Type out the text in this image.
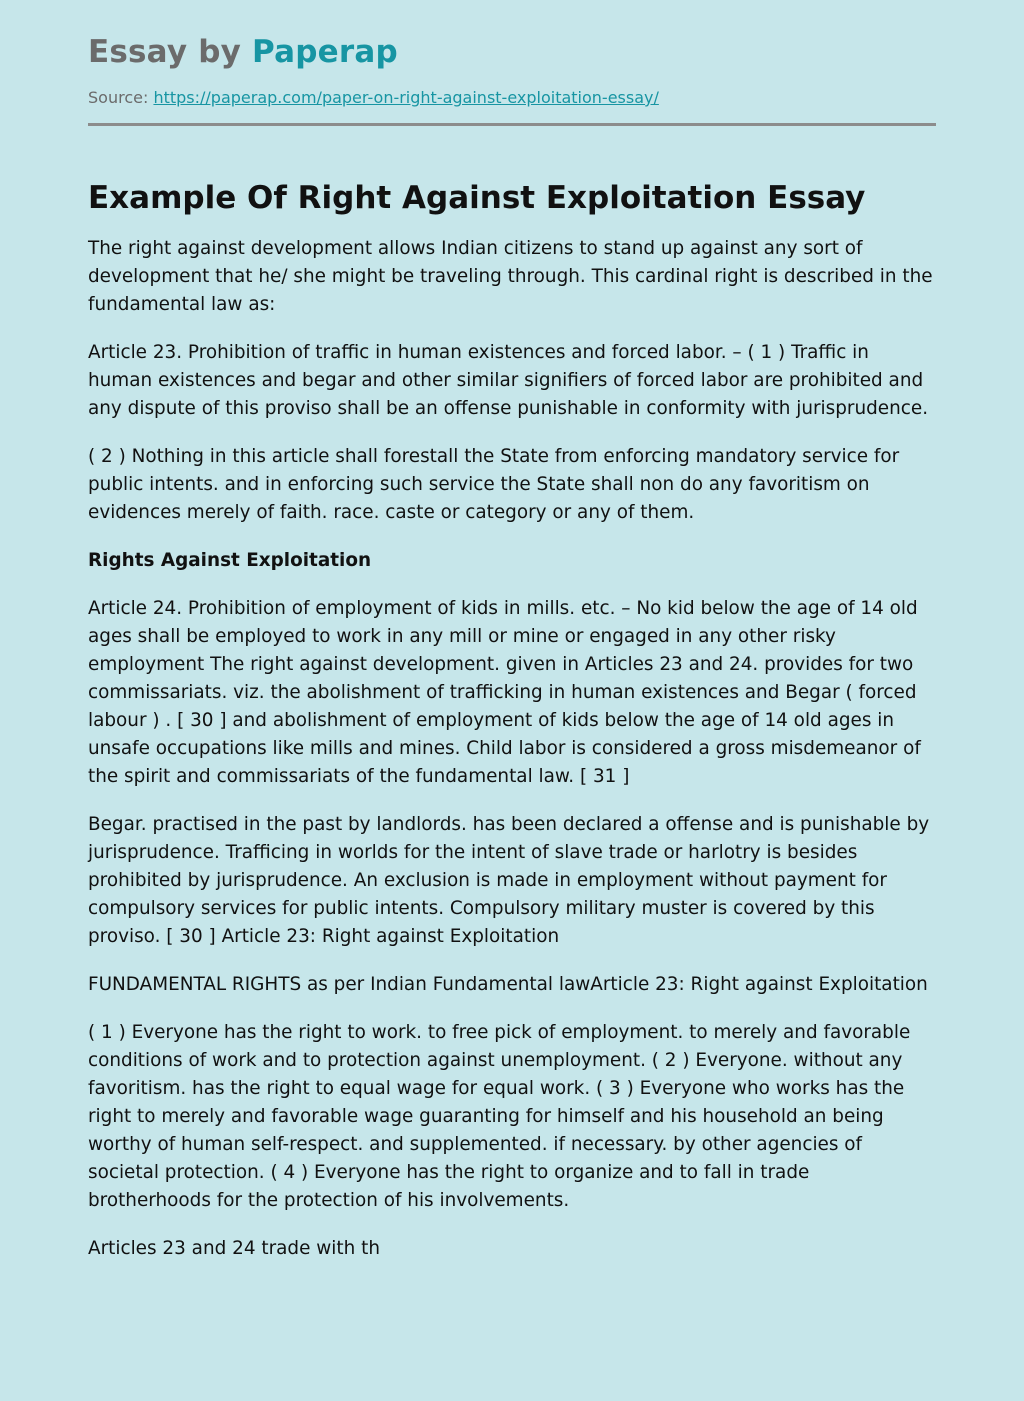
Essay by Paperap
Source: https://paperap.com/paper-on-right-against-exploitation-essay/
Example Of Right Against Exploitation Essay

The right against development allows Indian citizens to stand up against any sort of development that he/ she might be traveling through. This cardinal right is described in the fundamental law as:

Article 23. Prohibition of traffic in human existences and forced labor. – ( 1 ) Traffic in human existences and begar and other similar signifiers of forced labor are prohibited and any dispute of this proviso shall be an offense punishable in conformity with jurisprudence.

( 2 ) Nothing in this article shall forestall the State from enforcing mandatory service for public intents. and in enforcing such service the State shall non do any favoritism on evidences merely of faith. race. caste or category or any of them.

Rights Against Exploitation

Article 24. Prohibition of employment of kids in mills. etc. – No kid below the age of 14 old ages shall be employed to work in any mill or mine or engaged in any other risky employment The right against development. given in Articles 23 and 24. provides for two commissariats. viz. the abolishment of trafficking in human existences and Begar ( forced labour ) . [ 30 ] and abolishment of employment of kids below the age of 14 old ages in unsafe occupations like mills and mines. Child labor is considered a gross misdemeanor of the spirit and commissariats of the fundamental law. [ 31 ]

Begar. practised in the past by landlords. has been declared a offense and is punishable by jurisprudence. Trafficing in worlds for the intent of slave trade or harlotry is besides prohibited by jurisprudence. An exclusion is made in employment without payment for compulsory services for public intents. Compulsory military muster is covered by this proviso. [ 30 ] Article 23: Right against Exploitation

FUNDAMENTAL RIGHTS as per Indian Fundamental lawArticle 23: Right against Exploitation

( 1 ) Everyone has the right to work. to free pick of employment. to merely and favorable conditions of work and to protection against unemployment. ( 2 ) Everyone. without any favoritism. has the right to equal wage for equal work. ( 3 ) Everyone who works has the right to merely and favorable wage guaranting for himself and his household an being worthy of human self-respect. and supplemented. if necessary. by other agencies of societal protection. ( 4 ) Everyone has the right to organize and to fall in trade brotherhoods for the protection of his involvements.

Articles 23 and 24 trade with th
